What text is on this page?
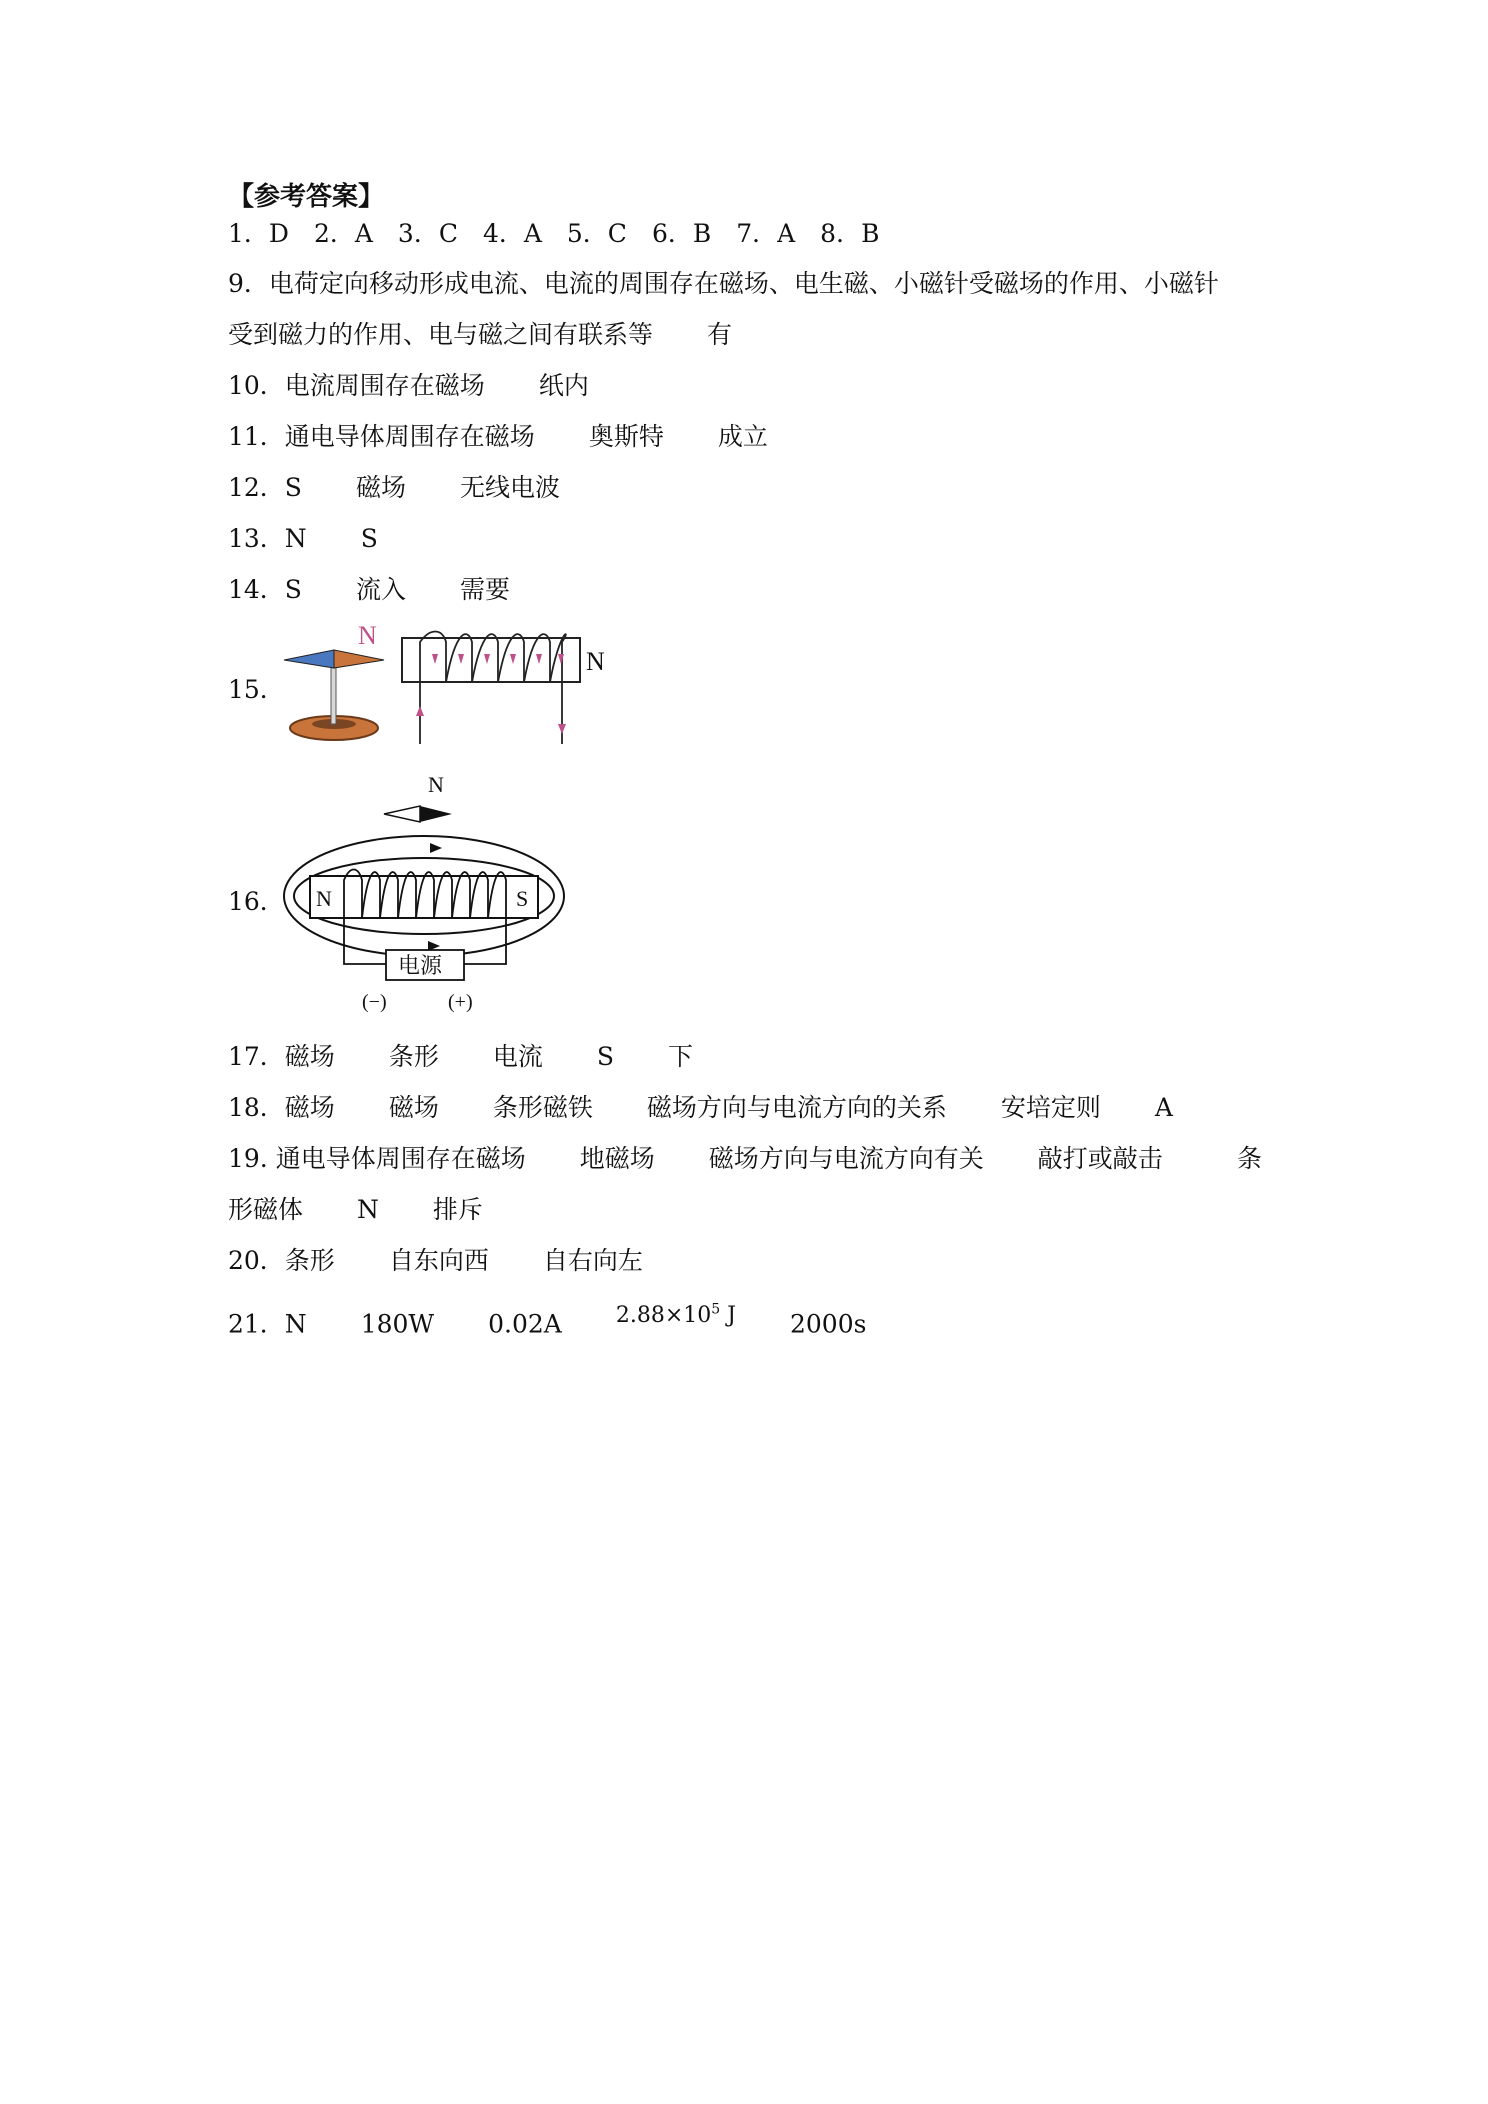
【参考答案】
1．D　2．A　3．C　4．A　5．C　6．B　7．A　8．B
9．电荷定向移动形成电流、电流的周围存在磁场、电生磁、小磁针受磁场的作用、小磁针
受到磁力的作用、电与磁之间有联系等 有
10．电流周围存在磁场 纸内
11．通电导体周围存在磁场 奥斯特 成立
12．S 磁场 无线电波
13．N S
14．S 流入 需要
15．
N
N
16．
N
N	S
电源
(−)	(+)
17．磁场 条形 电流 S 下
18．磁场 磁场 条形磁铁 磁场方向与电流方向的关系 安培定则 A
19. 通电导体周围存在磁场 地磁场 磁场方向与电流方向有关 敲打或敲击	条
形磁体 N 排斥
20．条形 自东向西 自右向左
21．N 180W 0.02A $2.88\times 10^5$ J 2000s
